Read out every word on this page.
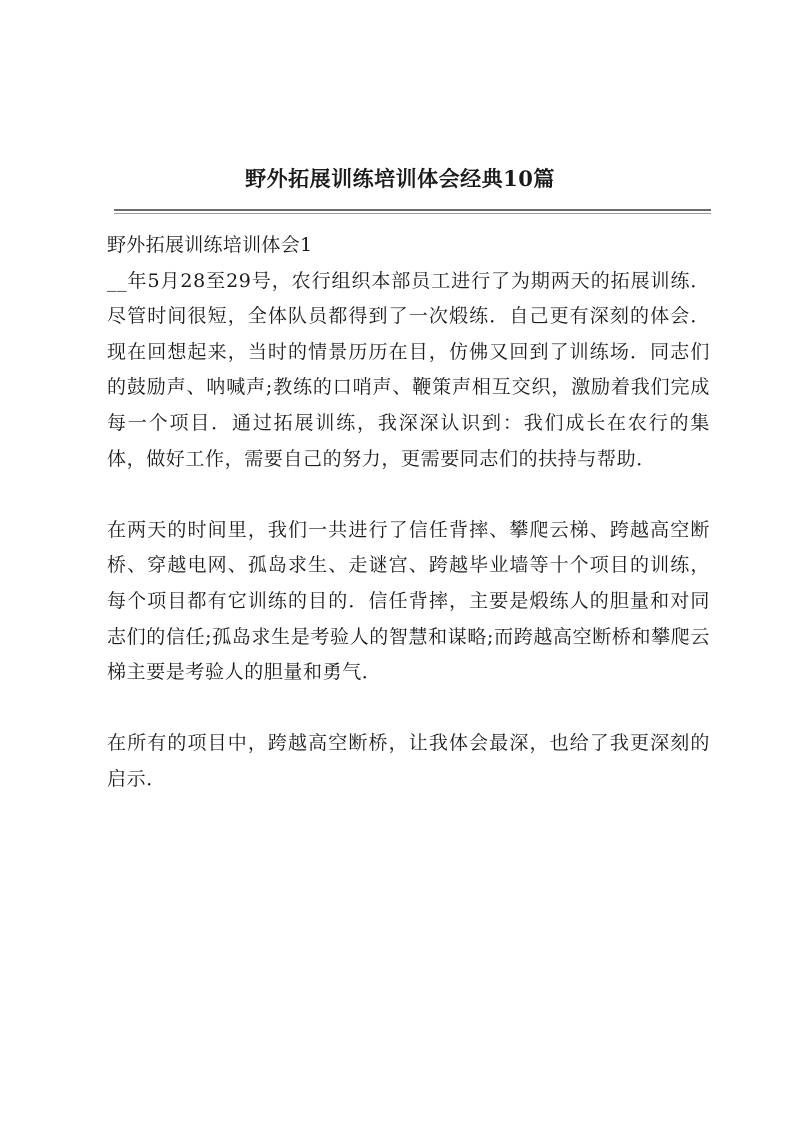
野外拓展训练培训体会经典10篇

野外拓展训练培训体会1

__年5月28至29号，农行组织本部员工进行了为期两天的拓展训练．尽管时间很短，全体队员都得到了一次煅练．自己更有深刻的体会．现在回想起来，当时的情景历历在目，仿佛又回到了训练场．同志们的鼓励声、呐喊声;教练的口哨声、鞭策声相互交织，激励着我们完成每一个项目．通过拓展训练，我深深认识到：我们成长在农行的集体，做好工作，需要自己的努力，更需要同志们的扶持与帮助．

在两天的时间里，我们一共进行了信任背摔、攀爬云梯、跨越高空断桥、穿越电网、孤岛求生、走谜宫、跨越毕业墙等十个项目的训练，每个项目都有它训练的目的．信任背摔，主要是煅练人的胆量和对同志们的信任;孤岛求生是考验人的智慧和谋略;而跨越高空断桥和攀爬云梯主要是考验人的胆量和勇气．

在所有的项目中，跨越高空断桥，让我体会最深，也给了我更深刻的启示．
